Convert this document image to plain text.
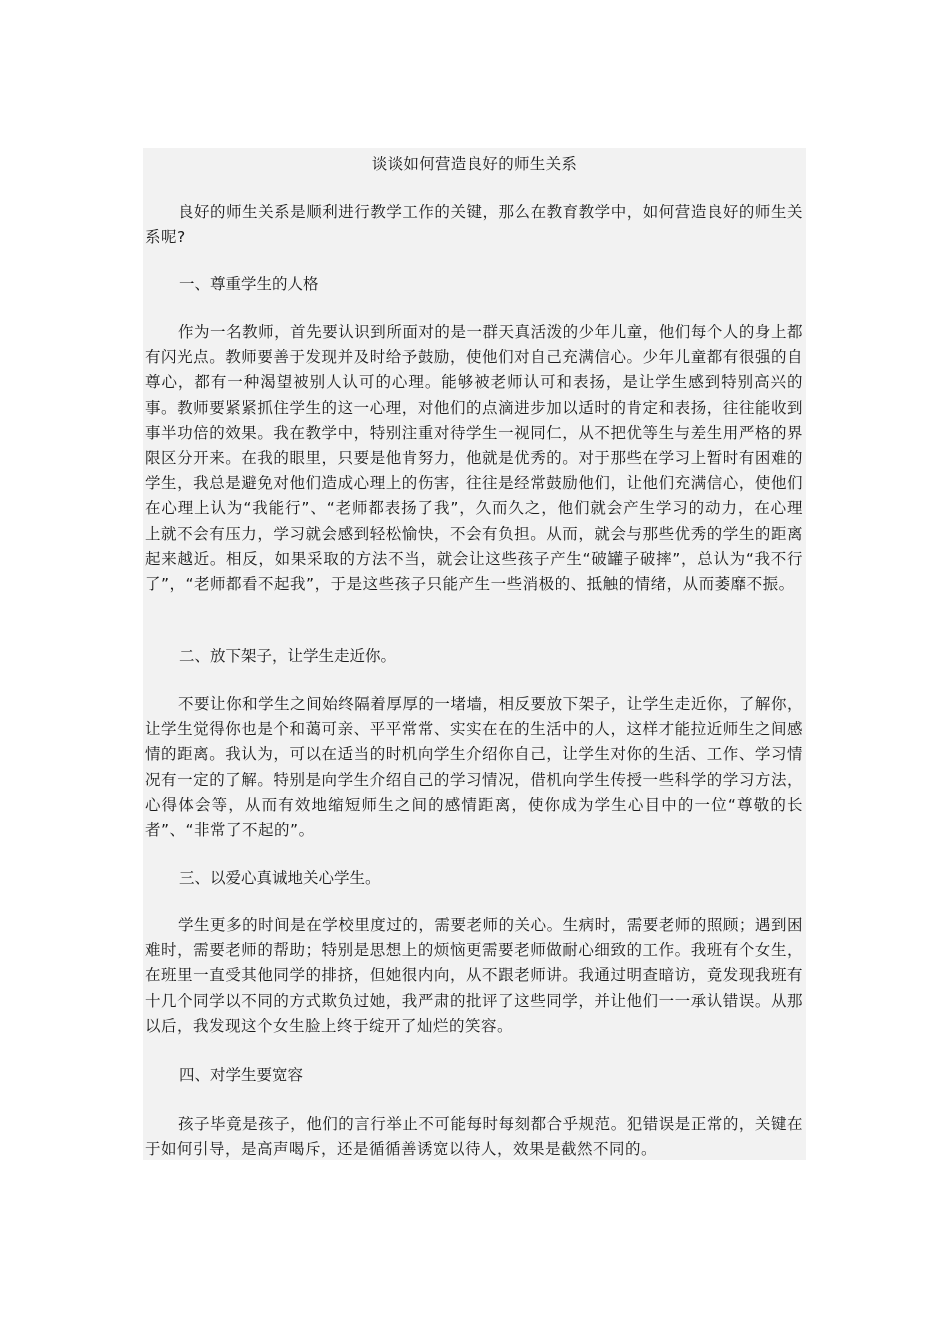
谈谈如何营造良好的师生关系

良好的师生关系是顺利进行教学工作的关键，那么在教育教学中，如何营造良好的师生关系呢?

一、尊重学生的人格

作为一名教师，首先要认识到所面对的是一群天真活泼的少年儿童，他们每个人的身上都有闪光点。教师要善于发现并及时给予鼓励，使他们对自己充满信心。少年儿童都有很强的自尊心，都有一种渴望被别人认可的心理。能够被老师认可和表扬，是让学生感到特别高兴的事。教师要紧紧抓住学生的这一心理，对他们的点滴进步加以适时的肯定和表扬，往往能收到事半功倍的效果。我在教学中，特别注重对待学生一视同仁，从不把优等生与差生用严格的界限区分开来。在我的眼里，只要是他肯努力，他就是优秀的。对于那些在学习上暂时有困难的学生，我总是避免对他们造成心理上的伤害，往往是经常鼓励他们，让他们充满信心，使他们在心理上认为“我能行”、“老师都表扬了我”，久而久之，他们就会产生学习的动力，在心理上就不会有压力，学习就会感到轻松愉快，不会有负担。从而，就会与那些优秀的学生的距离起来越近。相反，如果采取的方法不当，就会让这些孩子产生“破罐子破摔”，总认为“我不行了”，“老师都看不起我”，于是这些孩子只能产生一些消极的、抵触的情绪，从而萎靡不振。

二、放下架子，让学生走近你。

不要让你和学生之间始终隔着厚厚的一堵墙，相反要放下架子，让学生走近你，了解你，让学生觉得你也是个和蔼可亲、平平常常、实实在在的生活中的人，这样才能拉近师生之间感情的距离。我认为，可以在适当的时机向学生介绍你自己，让学生对你的生活、工作、学习情况有一定的了解。特别是向学生介绍自己的学习情况，借机向学生传授一些科学的学习方法，心得体会等，从而有效地缩短师生之间的感情距离，使你成为学生心目中的一位“尊敬的长者”、“非常了不起的”。

三、以爱心真诚地关心学生。

学生更多的时间是在学校里度过的，需要老师的关心。生病时，需要老师的照顾；遇到困难时，需要老师的帮助；特别是思想上的烦恼更需要老师做耐心细致的工作。我班有个女生，在班里一直受其他同学的排挤，但她很内向，从不跟老师讲。我通过明查暗访，竟发现我班有十几个同学以不同的方式欺负过她，我严肃的批评了这些同学，并让他们一一承认错误。从那以后，我发现这个女生脸上终于绽开了灿烂的笑容。

四、对学生要宽容

孩子毕竟是孩子，他们的言行举止不可能每时每刻都合乎规范。犯错误是正常的，关键在于如何引导，是高声喝斥，还是循循善诱宽以待人，效果是截然不同的。
